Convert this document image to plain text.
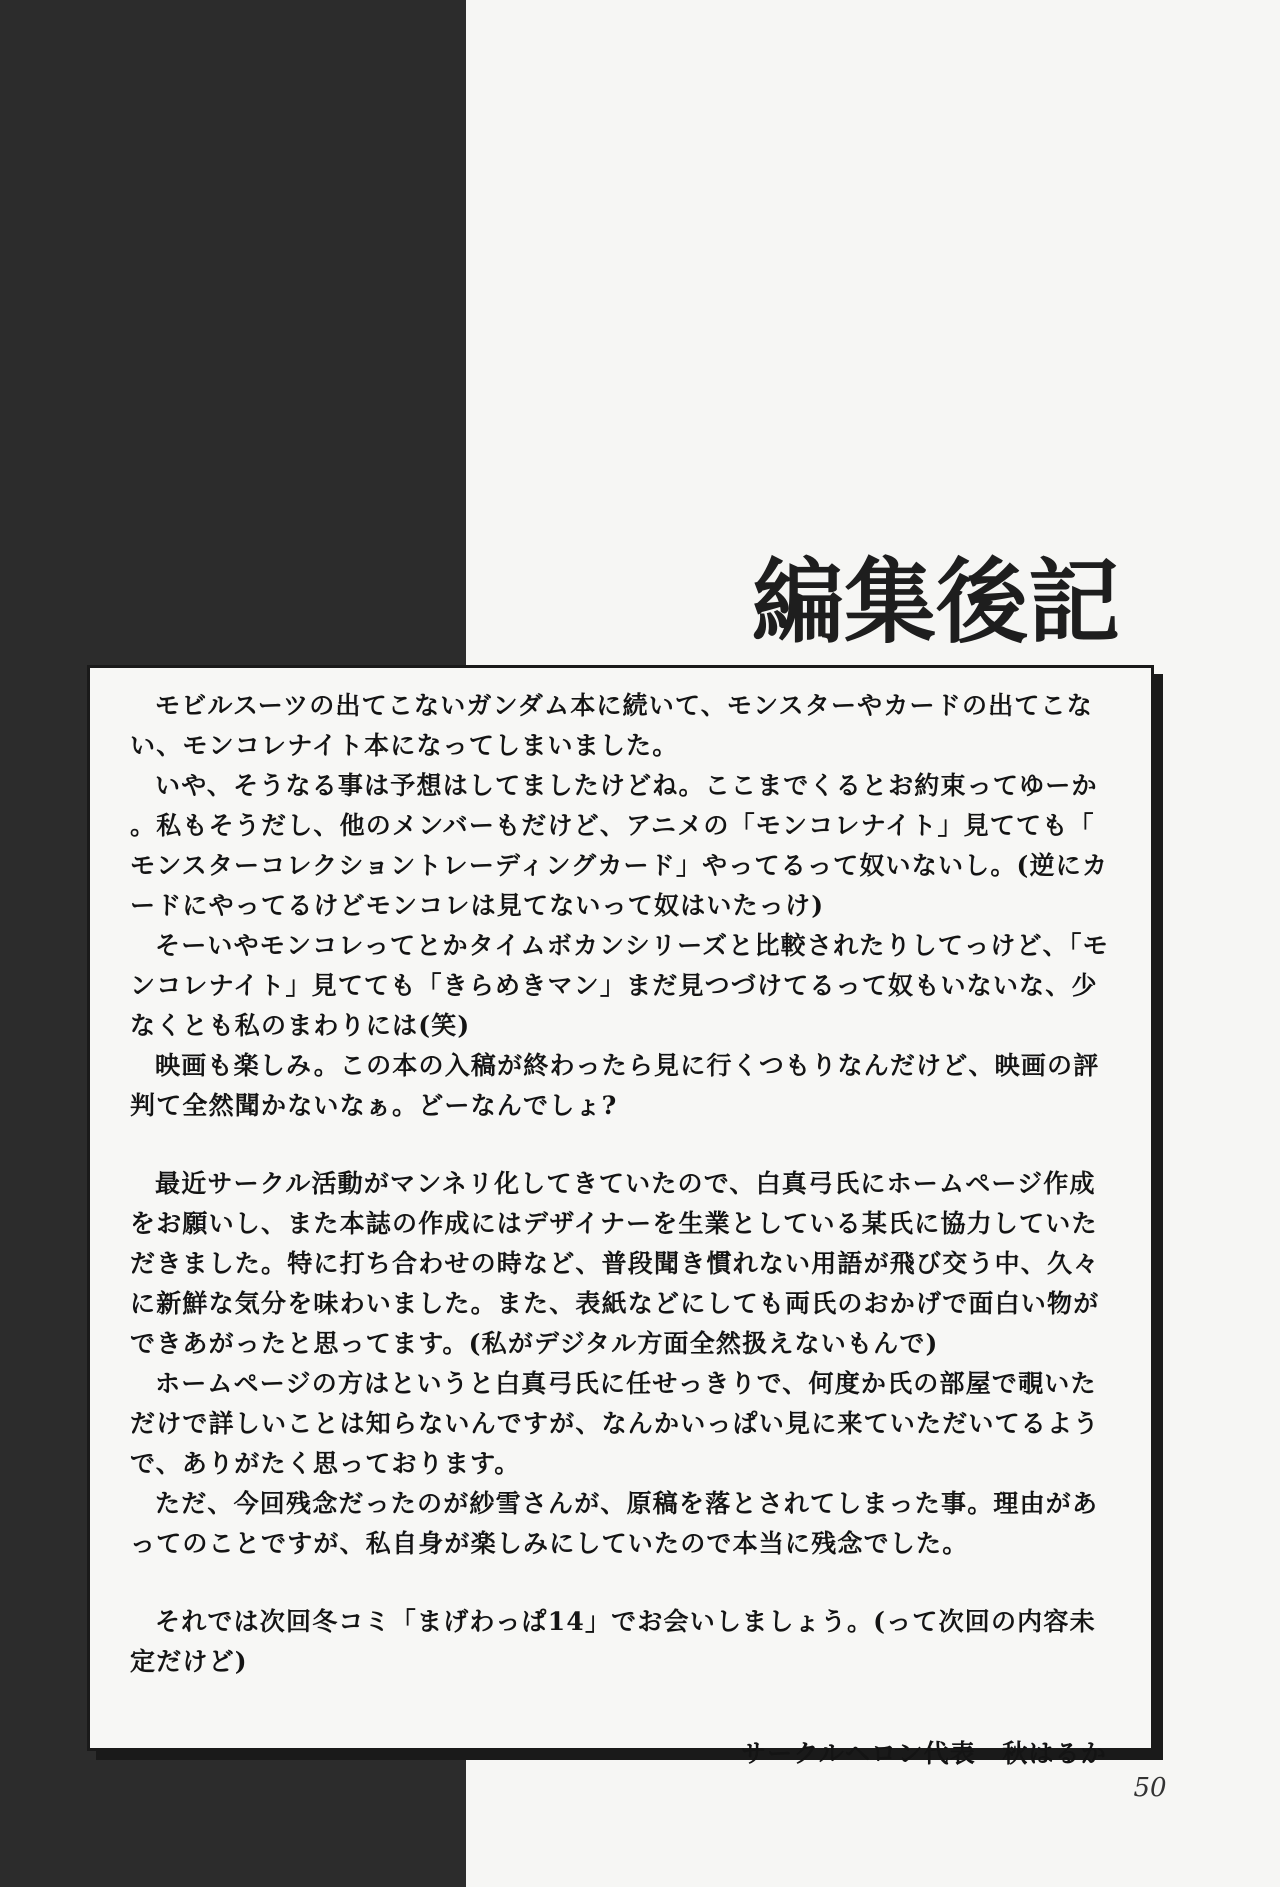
編集後記

モビルスーツの出てこないガンダム本に続いて、モンスターやカードの出てこない、モンコレナイト本になってしまいました。

いや、そうなる事は予想はしてましたけどね。ここまでくるとお約束ってゆーか。私もそうだし、他のメンバーもだけど、アニメの「モンコレナイト」見てても「モンスターコレクショントレーディングカード」やってるって奴いないし。(逆にカードにやってるけどモンコレは見てないって奴はいたっけ)

そーいやモンコレってとかタイムボカンシリーズと比較されたりしてっけど、「モンコレナイト」見てても「きらめきマン」まだ見つづけてるって奴もいないな、少なくとも私のまわりには(笑)

映画も楽しみ。この本の入稿が終わったら見に行くつもりなんだけど、映画の評判て全然聞かないなぁ。どーなんでしょ?

最近サークル活動がマンネリ化してきていたので、白真弓氏にホームページ作成をお願いし、また本誌の作成にはデザイナーを生業としている某氏に協力していただきました。特に打ち合わせの時など、普段聞き慣れない用語が飛び交う中、久々に新鮮な気分を味わいました。また、表紙などにしても両氏のおかげで面白い物ができあがったと思ってます。(私がデジタル方面全然扱えないもんで)

ホームページの方はというと白真弓氏に任せっきりで、何度か氏の部屋で覗いただけで詳しいことは知らないんですが、なんかいっぱい見に来ていただいてるようで、ありがたく思っております。

ただ、今回残念だったのが紗雪さんが、原稿を落とされてしまった事。理由があってのことですが、私自身が楽しみにしていたので本当に残念でした。

それでは次回冬コミ「まげわっぱ14」でお会いしましょう。(って次回の内容未定だけど)

サークルヘロン代表　秋はるか

50
